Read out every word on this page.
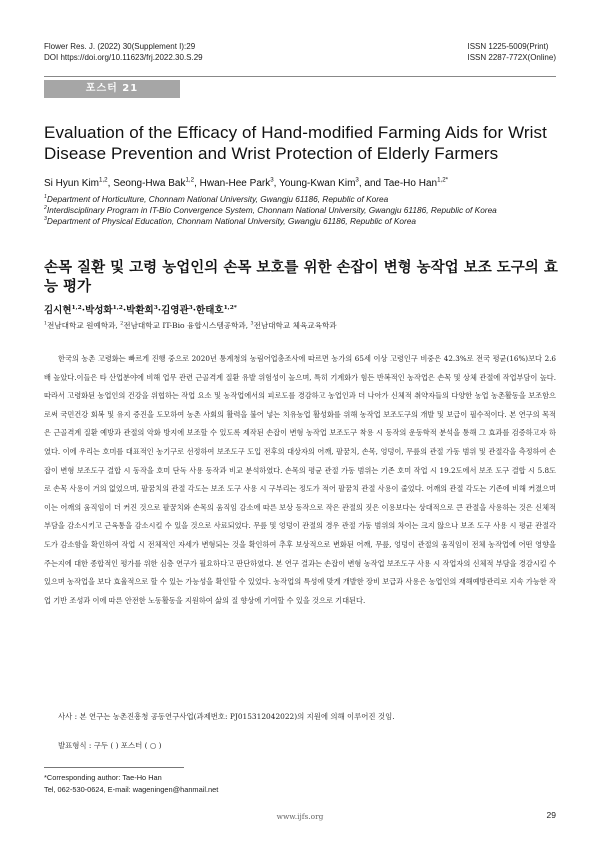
Flower Res. J. (2022) 30(Supplement I):29
DOI https://doi.org/10.11623/frj.2022.30.S.29
ISSN 1225-5009(Print)
ISSN 2287-772X(Online)
포스터 21
Evaluation of the Efficacy of Hand-modified Farming Aids for Wrist Disease Prevention and Wrist Protection of Elderly Farmers
Si Hyun Kim$^{1,2}$, Seong-Hwa Bak$^{1,2}$, Hwan-Hee Park$^3$, Young-Kwan Kim$^3$, and Tae-Ho Han$^{1,2*}$
$^1$Department of Horticulture, Chonnam National University, Gwangju 61186, Republic of Korea
$^2$Interdisciplinary Program in IT-Bio Convergence System, Chonnam National University, Gwangju 61186, Republic of Korea
$^3$Department of Physical Education, Chonnam National University, Gwangju 61186, Republic of Korea
손목 질환 및 고령 농업인의 손목 보호를 위한 손잡이 변형 농작업 보조 도구의 효능 평가
김시현$^{1,2}$·박성화$^{1,2}$·박환희$^3$·김영관$^3$·한태호$^{1,2*}$
$^1$전남대학교 원예학과, $^2$전남대학교 IT-Bio 융합시스템공학과, $^3$전남대학교 체육교육학과

한국의 농촌 고령화는 빠르게 진행 중으로 2020년 통계청의 농림어업총조사에 따르면 농가의 65세 이상 고령인구 비중은 42.3%로 전국 평균(16%)보다 2.6배 높았다.이들은 타 산업분야에 비해 업무 관련 근골격계 질환 유발 위험성이 높으며, 특히 기계화가 힘든 반복적인 농작업은 손목 및 상체 관절에 작업부담이 높다. 따라서 고령화된 농업인의 건강을 위협하는 작업 요소 및 농작업에서의 피로도를 경감하고 농업인과 더 나아가 신체적 취약자들의 다양한 농업 농촌활동을 보조함으로써 국민건강 회복 및 유지 증진을 도모하여 농촌 사회의 활력을 불어 넣는 치유농업 활성화를 위해 농작업 보조도구의 개발 및 보급이 필수적이다. 본 연구의 목적은 근골격계 질환 예방과 관절의 악화 방지에 보조할 수 있도록 제작된 손잡이 변형 농작업 보조도구 착용 시 동작의 운동학적 분석을 통해 그 효과를 검증하고자 하였다. 이에 우리는 호미를 대표적인 농기구로 선정하여 보조도구 도입 전후의 대상자의 어깨, 팔꿈치, 손목, 엉덩이, 무릎의 관절 가동 범위 및 관절각을 측정하여 손잡이 변형 보조도구 결합 시 동작을 호미 단독 사용 동작과 비교 분석하였다. 손목의 평균 관절 가동 범위는 기존 호미 작업 시 19.2도에서 보조 도구 결합 시 5.8도로 손목 사용이 거의 없었으며, 팔꿈치의 관절 각도는 보조 도구 사용 시 구부리는 정도가 적어 팔꿈치 관절 사용이 줄었다. 어깨의 관절 각도는 기존에 비해 커졌으며 이는 어깨의 움직임이 더 커진 것으로 팔꿈치와 손목의 움직임 감소에 따른 보상 동작으로 작은 관절의 짓은 이용보다는 상대적으로 큰 관절을 사용하는 것은 신체적 부담을 감소시키고 근육통을 감소시킬 수 있을 것으로 사료되었다. 무릎 및 엉덩이 관절의 경우 관절 가동 범위의 차이는 크지 않으나 보조 도구 사용 시 평균 관절각도가 감소함을 확인하여 작업 시 전체적인 자세가 변형되는 것을 확인하여 추후 보상적으로 변화된 어깨, 무릎, 엉덩이 관절의 움직임이 전체 농작업에 어떤 영향을 주는지에 대한 종합적인 평가를 위한 심층 연구가 필요하다고 판단하였다. 본 연구 결과는 손잡이 변형 농작업 보조도구 사용 시 작업자의 신체적 부담을 경감시킬 수 있으며 농작업을 보다 효율적으로 할 수 있는 가능성을 확인할 수 있었다. 농작업의 특성에 맞게 개발한 장비 보급과 사용은 농업인의 재해예방관리로 지속 가능한 작업 기반 조성과 이에 따른 안전한 노동활동을 지원하여 삶의 질 향상에 기여할 수 있을 것으로 기대된다.

사사 : 본 연구는 농촌진흥청 공동연구사업(과제번호: PJ015312042022)의 지원에 의해 이루어진 것임.
발표형식 : 구두 ( ) 포스터 ( ○ )
*Corresponding author: Tae-Ho Han
Tel, 062-530-0624, E-mail: wageningen@hanmail.net
www.ijfs.org	29
